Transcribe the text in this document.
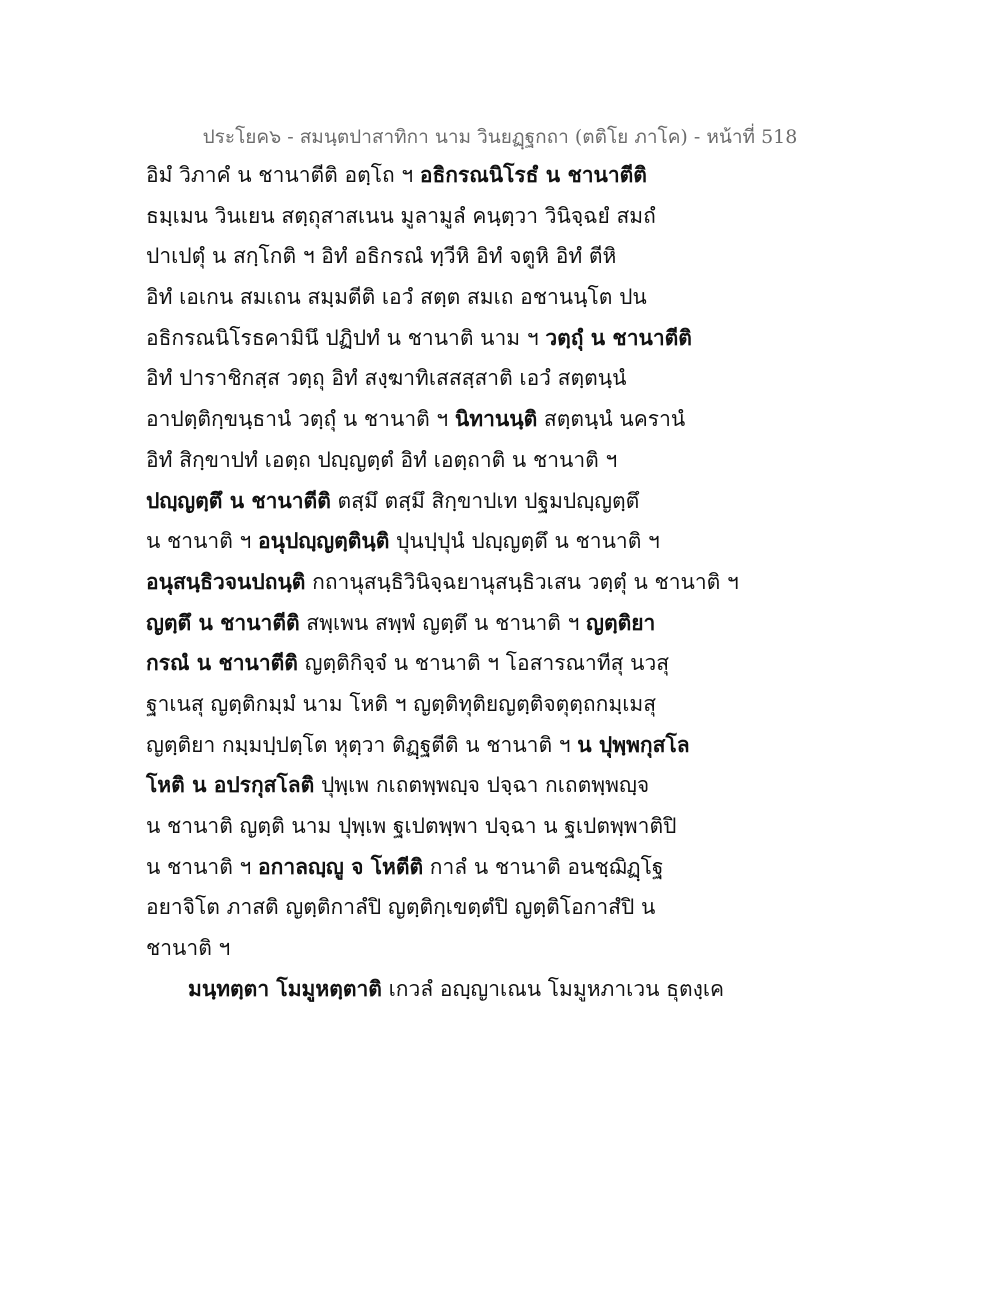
ประโยค๖ - สมนฺตปาสาทิกา นาม วินยฏฺฐกถา (ตติโย ภาโค) - หน้าที่ 518
อิมํ วิภาคํ น ชานาตีติ อตฺโถ ฯ อธิกรณนิโรธํ น ชานาตีติ
ธมฺเมน วินเยน สตฺถุสาสเนน มูลามูลํ คนฺตฺวา วินิจฺฉยํ สมถํ
ปาเปตุํ น สกฺโกติ ฯ อิทํ อธิกรณํ ทฺวีหิ อิทํ จตูหิ อิทํ ตีหิ
อิทํ เอเกน สมเถน สมฺมตีติ เอวํ สตฺต สมเถ อชานนฺโต ปน
อธิกรณนิโรธคามินึ ปฏิปทํ น ชานาติ นาม ฯ วตฺถุํ น ชานาตีติ
อิทํ ปาราชิกสฺส วตฺถุ อิทํ สงฺฆาทิเสสสฺสาติ เอวํ สตฺตนฺนํ
อาปตฺติกฺขนฺธานํ วตฺถุํ น ชานาติ ฯ นิทานนฺติ สตฺตนฺนํ นครานํ
อิทํ สิกฺขาปทํ เอตฺถ ปญฺญตฺตํ อิทํ เอตฺถาติ น ชานาติ ฯ
ปญฺญตฺตึ น ชานาตีติ ตสฺมึ ตสฺมึ สิกฺขาปเท ปฐมปญฺญตฺตึ
น ชานาติ ฯ อนุปญฺญตฺตินฺติ ปุนปฺปุนํ ปญฺญตฺตึ น ชานาติ ฯ
อนุสนฺธิวจนปถนฺติ กถานุสนฺธิวินิจฺฉยานุสนฺธิวเสน วตฺตุํ น ชานาติ ฯ
ญตฺตึ น ชานาตีติ สพฺเพน สพฺพํ ญตฺตึ น ชานาติ ฯ ญตฺติยา
กรณํ น ชานาตีติ ญตฺติกิจฺจํ น ชานาติ ฯ โอสารณาทีสุ นวสุ
ฐาเนสุ ญตฺติกมฺมํ นาม โหติ ฯ ญตฺติทุติยญตฺติจตุตฺถกมฺเมสุ
ญตฺติยา กมฺมปฺปตฺโต หุตฺวา ติฏฺฐตีติ น ชานาติ ฯ น ปุพฺพกุสโล
โหติ น อปรกุสโลติ ปุพฺเพ กเถตพฺพญฺจ ปจฺฉา กเถตพฺพญฺจ
น ชานาติ ญตฺติ นาม ปุพฺเพ ฐเปตพฺพา ปจฺฉา น ฐเปตพฺพาติปิ
น ชานาติ ฯ อกาลญฺญู จ โหตีติ กาลํ น ชานาติ อนชฺฌิฏฺโฐ
อยาจิโต ภาสติ ญตฺติกาลํปิ ญตฺติกฺเขตฺตํปิ ญตฺติโอกาสํปิ น
ชานาติ ฯ
มนฺทตฺตา โมมูหตฺตาติ เกวลํ อญฺญาเณน โมมูหภาเวน ธุตงฺเค
